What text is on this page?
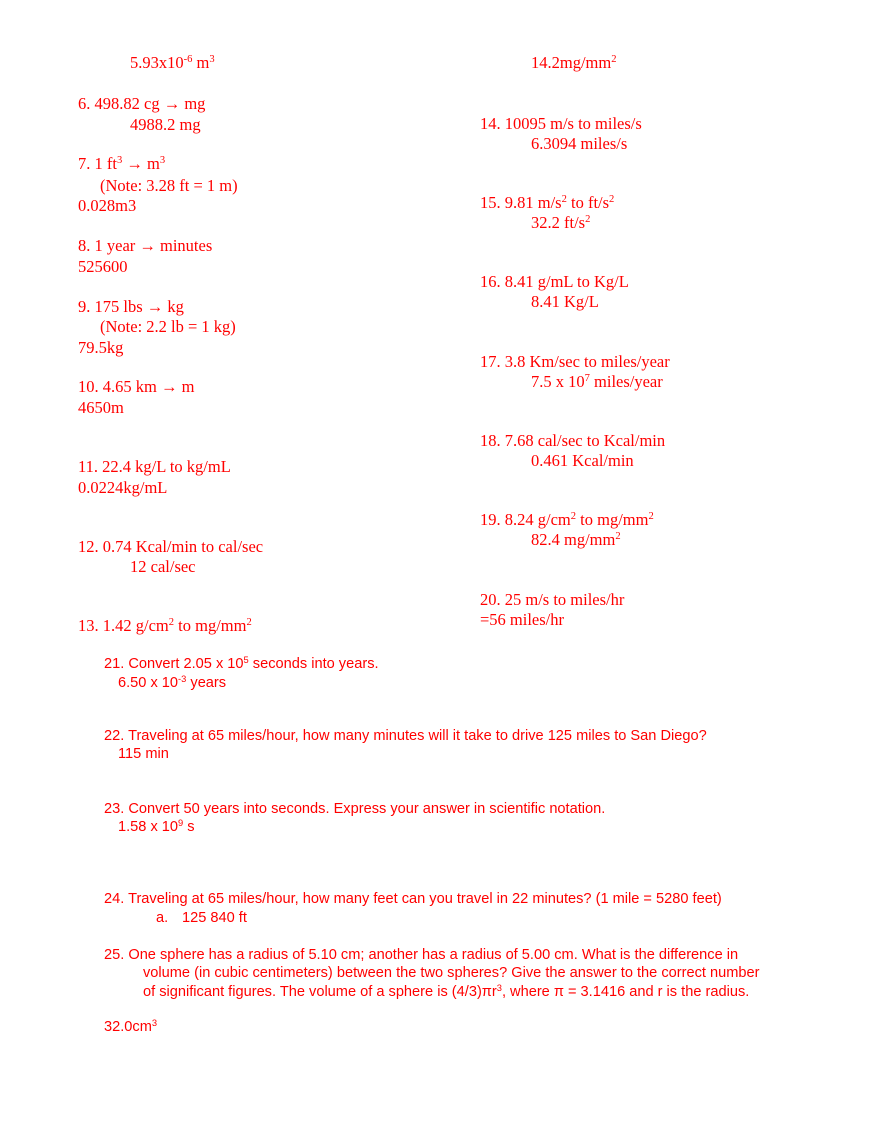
$5.93x10^{-6}$ $m^3$
6. 498.82 cg → mg
4988.2 mg
7. 1 $ft^3 \to m^3$
(Note: 3.28 ft = 1 m)
0.028m3
8. 1 year → minutes
525600
9. 175 lbs → kg
(Note: 2.2 lb = 1 kg)
79.5kg
10. 4.65 km → m
4650m
11. 22.4 kg/L to kg/mL
0.0224kg/mL
12. 0.74 Kcal/min to cal/sec
12 cal/sec
13. 1.42 $g/cm^2$ to $mg/mm^2$
$14.2mg/mm^2$
14. 10095 m/s to miles/s
6.3094 miles/s
15. 9.81 $m/s^2$ to $ft/s^2$
32.2 $ft/s^2$
16. 8.41 g/mL to Kg/L
8.41 Kg/L
17. 3.8 Km/sec to miles/year
7.5 x $10^7$ miles/year
18. 7.68 cal/sec to Kcal/min
0.461 Kcal/min
19. 8.24 $g/cm^2$ to $mg/mm^2$
82.4 $mg/mm^2$
20. 25 m/s to miles/hr
=56 miles/hr
21. Convert 2.05 x $10^5$ seconds into years.
6.50 x $10^{-3}$ years
22. Traveling at 65 miles/hour, how many minutes will it take to drive 125 miles to San Diego?
115 min
23. Convert 50 years into seconds. Express your answer in scientific notation.
1.58 x $10^9$ s
24. Traveling at 65 miles/hour, how many feet can you travel in 22 minutes? (1 mile = 5280 feet)
a. 125 840 ft
25. One sphere has a radius of 5.10 cm; another has a radius of 5.00 cm. What is the difference in
volume (in cubic centimeters) between the two spheres? Give the answer to the correct number
of significant figures. The volume of a sphere is $(4/3)\pi r^3$, where π = 3.1416 and r is the radius.
$32.0cm^3$
